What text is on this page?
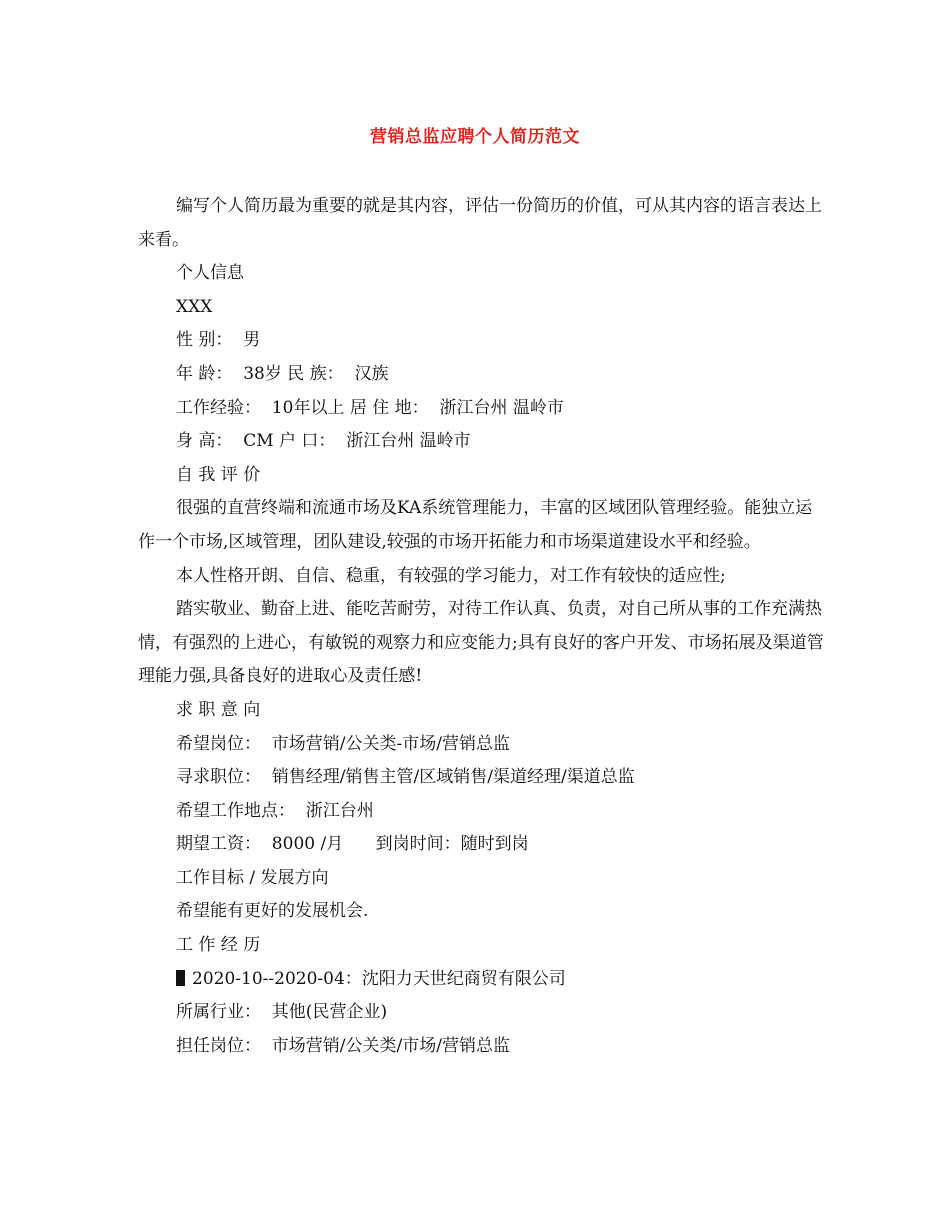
营销总监应聘个人简历范文

编写个人简历最为重要的就是其内容，评估一份简历的价值，可从其内容的语言表达上来看。

个人信息

XXX

性 别：  男

年 龄：  38岁 民 族：  汉族

工作经验：  10年以上 居 住 地：  浙江台州 温岭市

身 高：  CM 户 口：  浙江台州 温岭市

自 我 评 价

很强的直营终端和流通市场及KA系统管理能力，丰富的区域团队管理经验。能独立运作一个市场,区域管理，团队建设,较强的市场开拓能力和市场渠道建设水平和经验。

本人性格开朗、自信、稳重，有较强的学习能力，对工作有较快的适应性;

踏实敬业、勤奋上进、能吃苦耐劳，对待工作认真、负责，对自己所从事的工作充满热情，有强烈的上进心，有敏锐的观察力和应变能力;具有良好的客户开发、市场拓展及渠道管理能力强,具备良好的进取心及责任感!

求 职 意 向

希望岗位：  市场营销/公关类-市场/营销总监

寻求职位：  销售经理/销售主管/区域销售/渠道经理/渠道总监

希望工作地点：  浙江台州

期望工资：  8000 /月      到岗时间：随时到岗

工作目标 / 发展方向

希望能有更好的发展机会.

工 作 经 历

2020-10--2020-04：沈阳力天世纪商贸有限公司

所属行业：  其他(民营企业)

担任岗位：  市场营销/公关类/市场/营销总监
